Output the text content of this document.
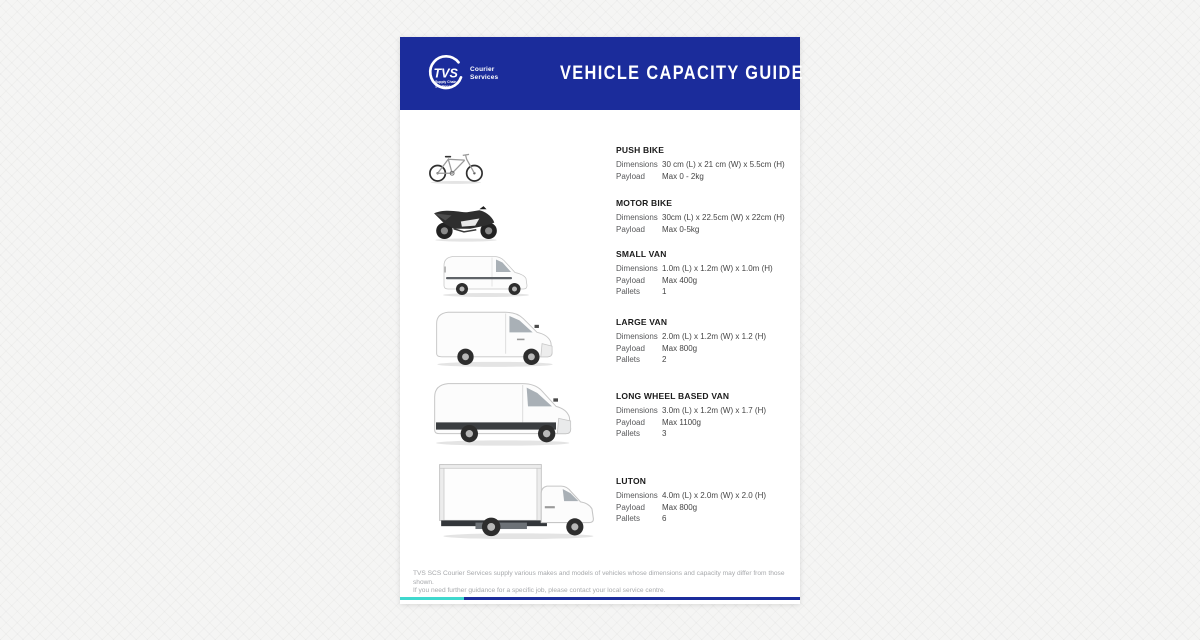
TVS
Supply Chain
Solutions
Courier Services	VEHICLE CAPACITY GUIDE
PUSH BIKE
Dimensions 30 cm (L) x 21 cm (W) x 5.5cm (H)
Payload	Max 0 - 2kg
MOTOR BIKE
Dimensions 30cm (L) x 22.5cm (W) x 22cm (H)
Payload	Max 0-5kg
SMALL VAN
Dimensions 1.0m (L) x 1.2m (W) x 1.0m (H)
Payload	Max 400g
Pallets	1
LARGE VAN
Dimensions 2.0m (L) x 1.2m (W) x 1.2 (H)
Payload	Max 800g
Pallets	2
LONG WHEEL BASED VAN
Dimensions 3.0m (L) x 1.2m (W) x 1.7 (H)
Payload	Max 1100g
Pallets	3
LUTON
Dimensions 4.0m (L) x 2.0m (W) x 2.0 (H)
Payload	Max 800g
Pallets	6
TVS SCS Courier Services supply various makes and models of vehicles whose dimensions and capacity may differ from those shown.
If you need further guidance for a specific job, please contact your local service centre.
